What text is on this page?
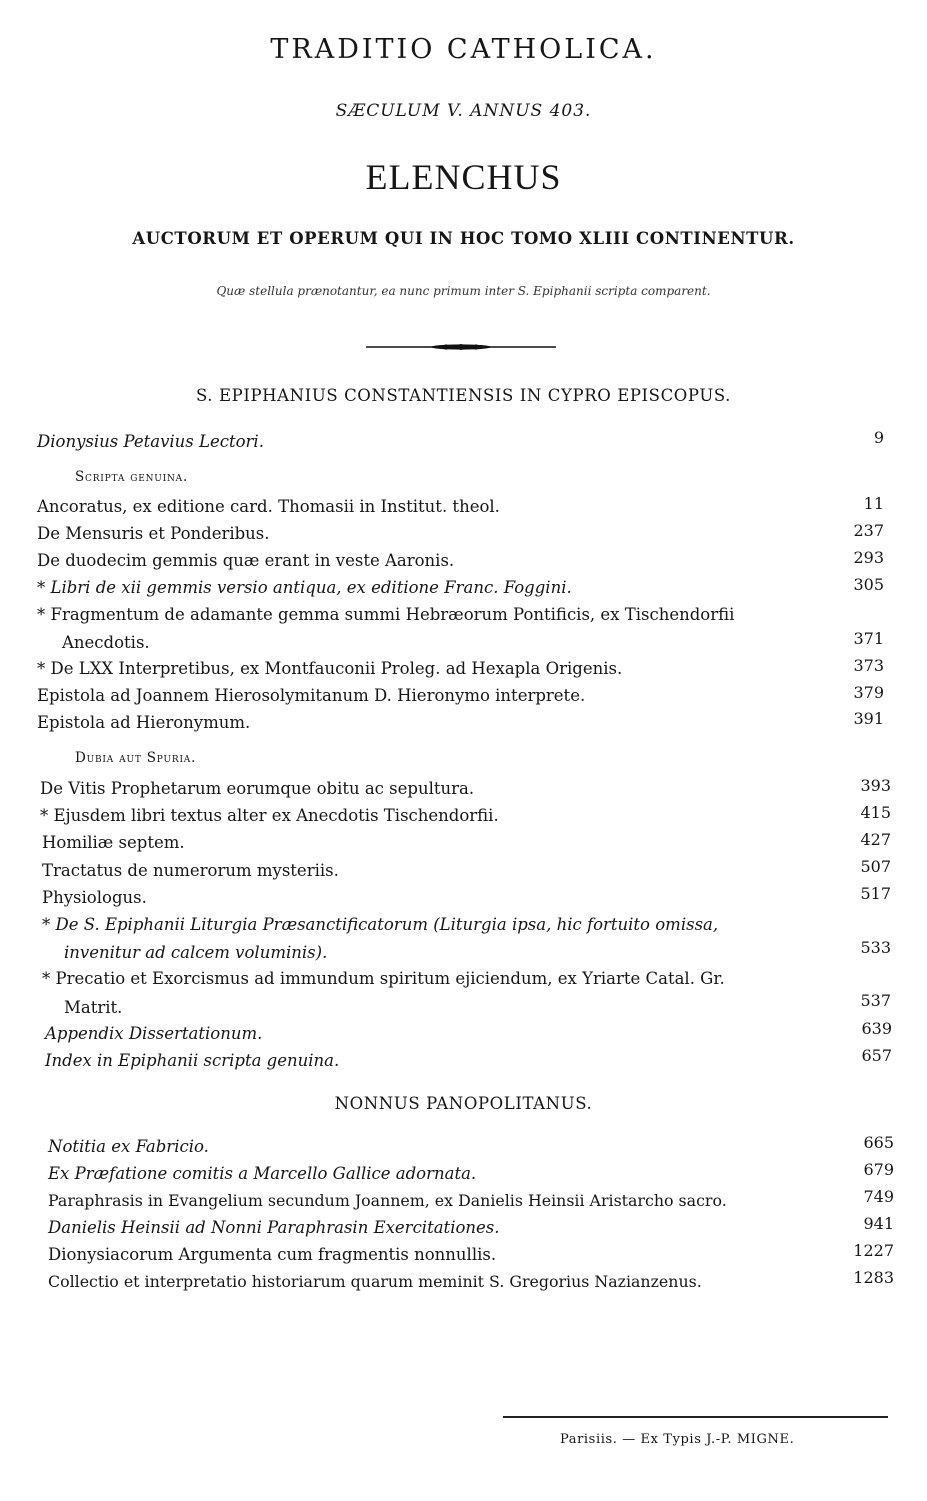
TRADITIO CATHOLICA.
SÆCULUM V. ANNUS 403.
ELENCHUS
AUCTORUM ET OPERUM QUI IN HOC TOMO XLIII CONTINENTUR.
Quæ stellula prænotantur, ea nunc primum inter S. Epiphanii scripta comparent.
S. EPIPHANIUS CONSTANTIENSIS IN CYPRO EPISCOPUS.
Dionysius Petavius Lectori.	9
Scripta genuina.
Ancoratus, ex editione card. Thomasii in Institut. theol.	11
De Mensuris et Ponderibus.	237
De duodecim gemmis quæ erant in veste Aaronis.	293
* Libri de xii gemmis versio antiqua, ex editione Franc. Foggini.	305
* Fragmentum de adamante gemma summi Hebræorum Pontificis, ex Tischendorfii
Anecdotis.	371
* De LXX Interpretibus, ex Montfauconii Proleg. ad Hexapla Origenis.	373
Epistola ad Joannem Hierosolymitanum D. Hieronymo interprete.	379
Epistola ad Hieronymum.	391
Dubia aut Spuria.
De Vitis Prophetarum eorumque obitu ac sepultura.	393
* Ejusdem libri textus alter ex Anecdotis Tischendorfii.	415
Homiliæ septem.	427
Tractatus de numerorum mysteriis.	507
Physiologus.	517
* De S. Epiphanii Liturgia Præsanctificatorum (Liturgia ipsa, hic fortuito omissa,
invenitur ad calcem voluminis).	533
* Precatio et Exorcismus ad immundum spiritum ejiciendum, ex Yriarte Catal. Gr.
Matrit.	537
Appendix Dissertationum.	639
Index in Epiphanii scripta genuina.	657
NONNUS PANOPOLITANUS.
Notitia ex Fabricio.	665
Ex Præfatione comitis a Marcello Gallice adornata.	679
Paraphrasis in Evangelium secundum Joannem, ex Danielis Heinsii Aristarcho sacro.	749
Danielis Heinsii ad Nonni Paraphrasin Exercitationes.	941
Dionysiacorum Argumenta cum fragmentis nonnullis.	1227
Collectio et interpretatio historiarum quarum meminit S. Gregorius Nazianzenus.	1283
Parisiis. — Ex Typis J.-P. MIGNE.
